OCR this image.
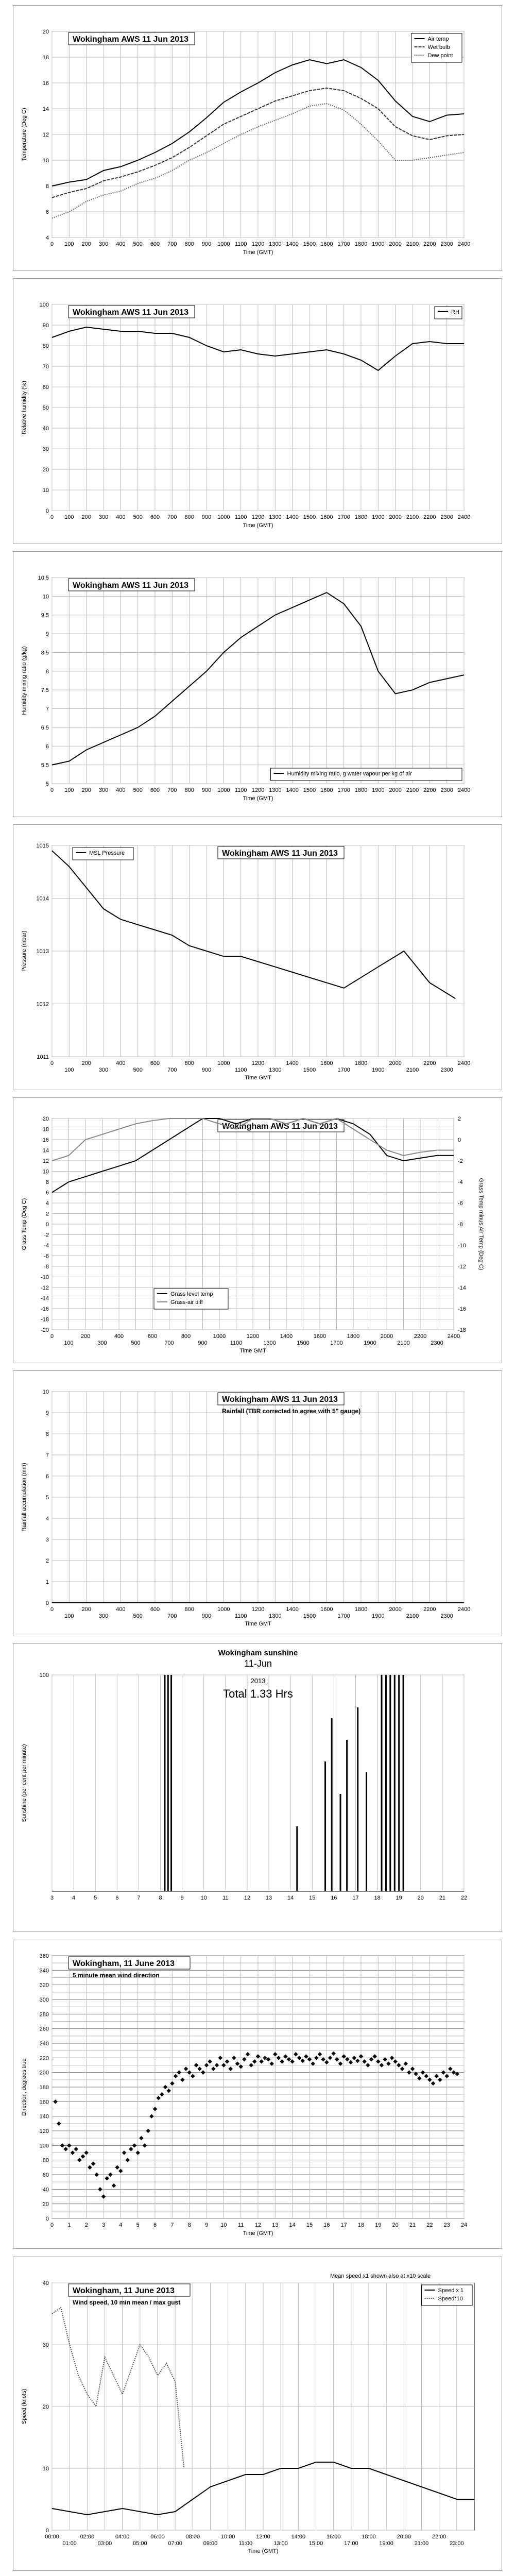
4
6
8
10
12
14
16
18
20
0 100 200 300 400 500 600 700 800 900 1000 1100 1200 1300 1400 1500 1600 1700 1800 1900 2000 2100 2200 2300 2400
Time (GMT)
Temperature (Deg C)
Wokingham AWS 11 Jun 2013	Air temp
Wet bulb
Dew point
0
10
20
30
40
50
60
70
80
90
100
0 100 200 300 400 500 600 700 800 900 1000 1100 1200 1300 1400 1500 1600 1700 1800 1900 2000 2100 2200 2300 2400
Time (GMT)
Relative humidity (%)
Wokingham AWS 11 Jun 2013	RH
5
5.5
6
6.5
7
7.5
8
8.5
9
9.5
10
10.5
0 100 200 300 400 500 600 700 800 900 1000 1100 1200 1300 1400 1500 1600 1700 1800 1900 2000 2100 2200 2300 2400
Time (GMT)
Humidity mixing ratio (g/kg)
Wokingham AWS 11 Jun 2013
Humidity mixing ratio, g water vapour per kg of air
1011
1012
1013
1014
1015
0	200	400	600	800	1000	1200	1400	1600	1800	2000	2200	2400
100	300	500	700	900	1100	1300	1500	1700	1900	2100	2300
Time GMT
Pressure (mbar)
Wokingham AWS 11 Jun 2013
MSL Pressure
-20
-18
-16
-14
-12
-10
-8
-6
-4
-2
0
2
4
6
8
10
12
14
16
18
20
-18
-16
-14
-12
-10
-8
-6
-4
-2
0
2
Grass Temp minus Air Temp (Deg C)
0	200	400	600	800	1000	1200	1400	1600	1800	2000	2200	2400
100	300	500	700	900	1100	1300	1500	1700	1900	2100	2300
Time GMT
Grass Temp (Deg C)
Wokingham AWS 11 Jun 2013
Grass level temp
Grass-air diff
0
1
2
3
4
5
6
7
8
9
10
0	200	400	600	800	1000	1200	1400	1600	1800	2000	2200	2400
100	300	500	700	900	1100	1300	1500	1700	1900	2100	2300
Time GMT
Rainfall accumulation (mm)
Wokingham AWS 11 Jun 2013
Rainfall (TBR corrected to agree with 5" gauge)
100
3	4	5	6	7	8	9	10	11	12	13	14	15	16	17	18	19	20	21	22
Sunshine (per cent per minute)
Wokingham sunshine
11-Jun
2013
Total 1.33 Hrs
0
20
40
60
80
100
120
140
160
180
200
220
240
260
280
300
320
340
360
0 1 2 3 4 5 6 7 8 9 10 11 12 13 14 15 16 17 18 19 20 21 22 23 24
Time (GMT)
Direction, degrees true
Wokingham, 11 June 2013
5 minute mean wind direction
0
10
20
30
40
00:00	02:00	04:00	06:00	08:00	10:00	12:00	14:00	16:00	18:00	20:00	22:00
01:00	03:00	05:00	07:00	09:00	11:00	13:00	15:00	17:00	19:00	21:00	23:00
Time (GMT)
Speed (knots)
Wokingham, 11 June 2013
Wind speed, 10 min mean / max gust
Mean speed x1 shown also at x10 scale
Speed x 1
Speed*10
